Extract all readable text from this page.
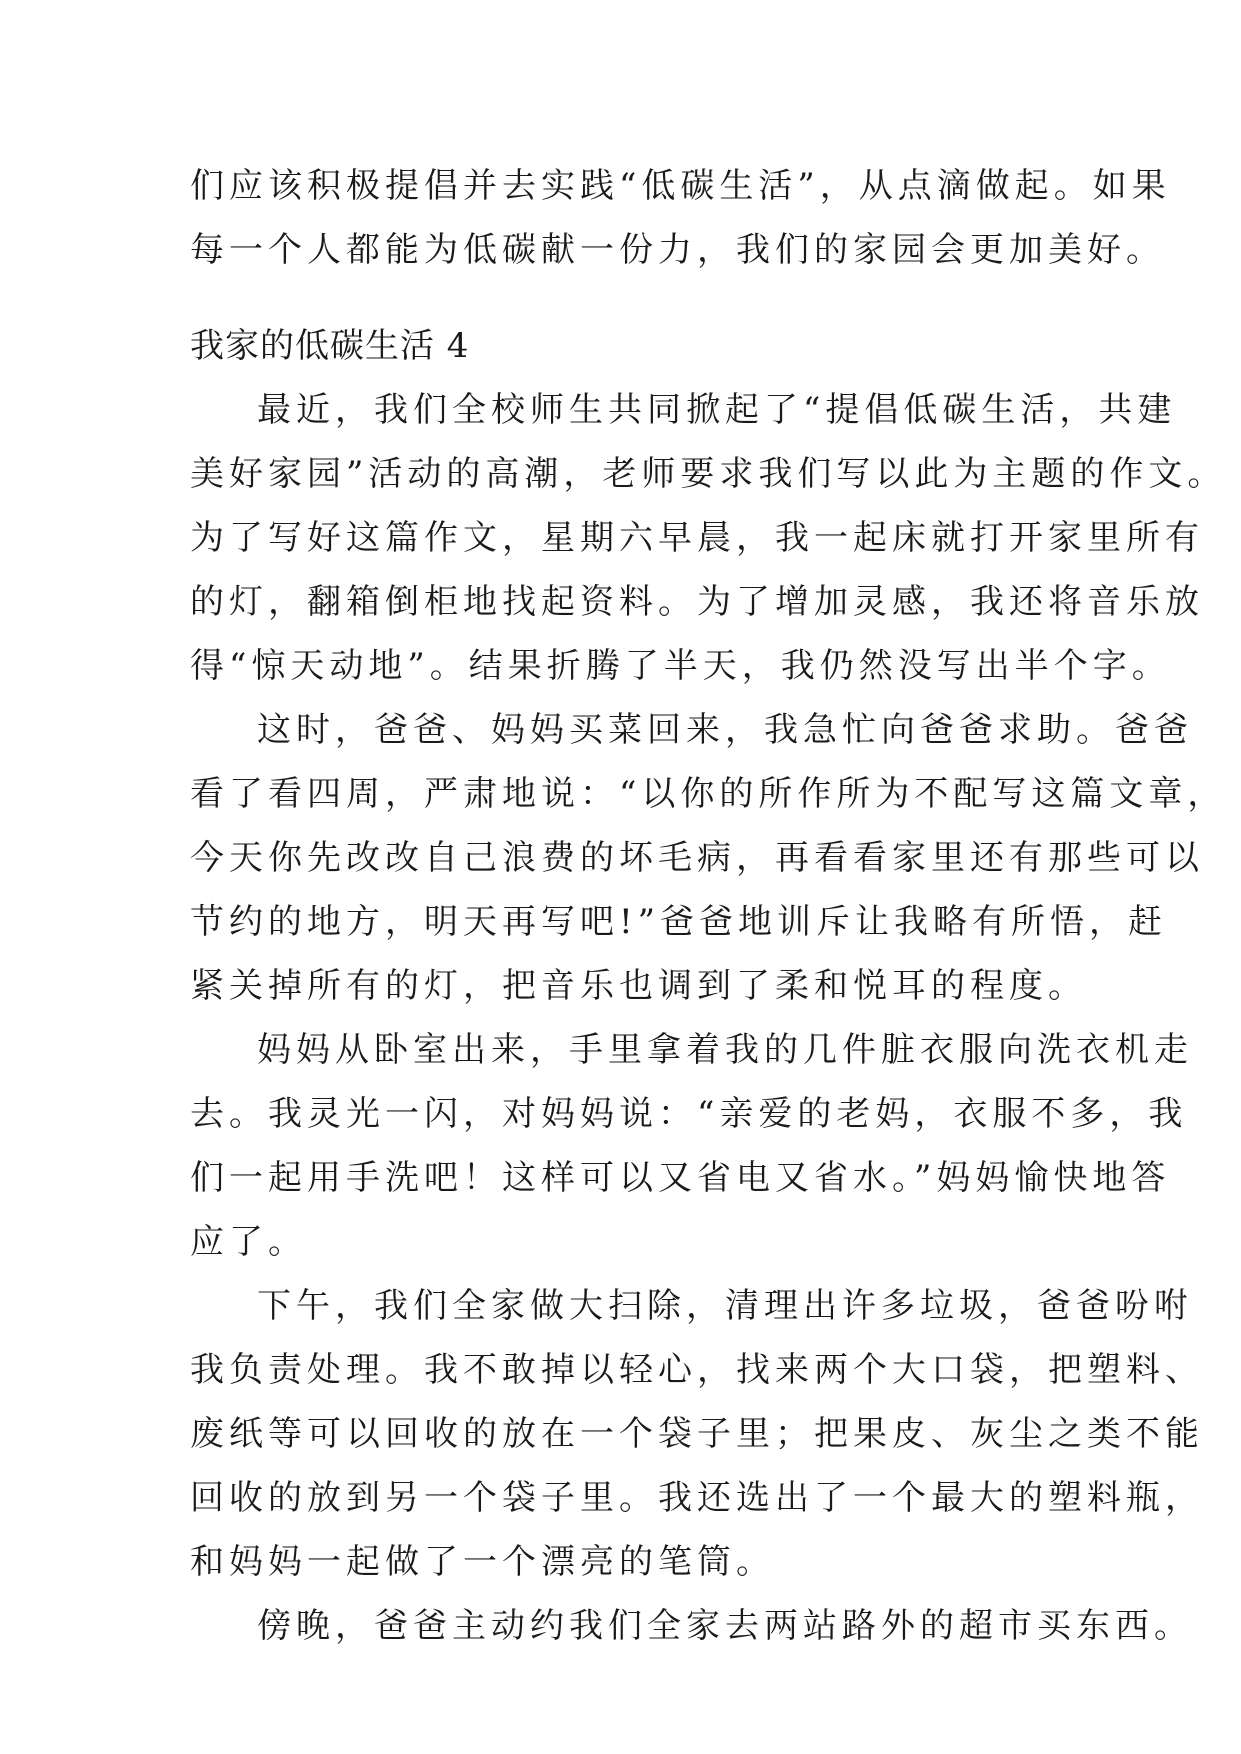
们应该积极提倡并去实践“低碳生活”，从点滴做起。如果
每一个人都能为低碳献一份力，我们的家园会更加美好。
我家的低碳生活 4
最近，我们全校师生共同掀起了“提倡低碳生活，共建
美好家园”活动的高潮，老师要求我们写以此为主题的作文。
为了写好这篇作文，星期六早晨，我一起床就打开家里所有
的灯，翻箱倒柜地找起资料。为了增加灵感，我还将音乐放
得“惊天动地”。结果折腾了半天，我仍然没写出半个字。
这时，爸爸、妈妈买菜回来，我急忙向爸爸求助。爸爸
看了看四周，严肃地说：“以你的所作所为不配写这篇文章，
今天你先改改自己浪费的坏毛病，再看看家里还有那些可以
节约的地方，明天再写吧!”爸爸地训斥让我略有所悟，赶
紧关掉所有的灯，把音乐也调到了柔和悦耳的程度。
妈妈从卧室出来，手里拿着我的几件脏衣服向洗衣机走
去。我灵光一闪，对妈妈说：“亲爱的老妈，衣服不多，我
们一起用手洗吧！这样可以又省电又省水。”妈妈愉快地答
应了。
下午，我们全家做大扫除，清理出许多垃圾，爸爸吩咐
我负责处理。我不敢掉以轻心，找来两个大口袋，把塑料、
废纸等可以回收的放在一个袋子里；把果皮、灰尘之类不能
回收的放到另一个袋子里。我还选出了一个最大的塑料瓶，
和妈妈一起做了一个漂亮的笔筒。
傍晚，爸爸主动约我们全家去两站路外的超市买东西。
